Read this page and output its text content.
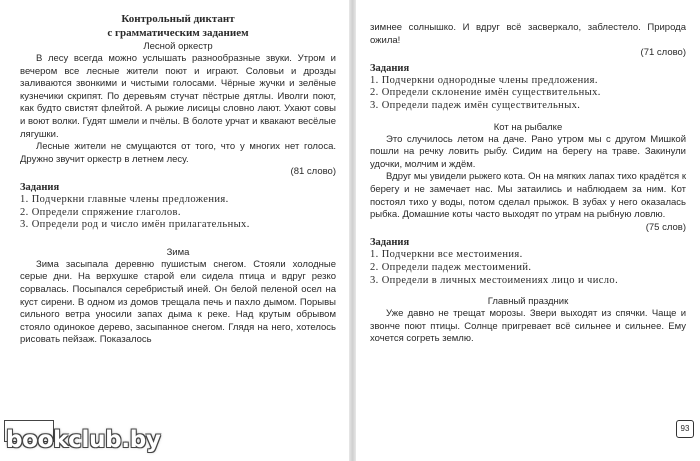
Контрольный диктант

с грамматическим заданием

Лесной оркестр

В лесу всегда можно услышать разнообразные звуки. Утром и вечером все лесные жители поют и играют. Соловьи и дрозды заливаются звонкими и чистыми голосами. Чёрные жучки и зелёные кузнечики скрипят. По деревьям стучат пёстрые дятлы. Иволги поют, как будто свистят флейтой. А рыжие лисицы словно лают. Ухают совы и воют волки. Гудят шмели и пчёлы. В болоте урчат и квакают весёлые лягушки.

Лесные жители не смущаются от того, что у многих нет голоса. Дружно звучит оркестр в летнем лесу.

(81 слово)

Задания

1. Подчеркни главные члены предложения.

2. Определи спряжение глаголов.

3. Определи род и число имён прилагательных.

Зима

Зима засыпала деревню пушистым снегом. Стояли холодные серые дни. На верхушке старой ели сидела птица и вдруг резко сорвалась. Посыпался серебристый иней. Он белой пеленой осел на куст сирени. В одном из домов трещала печь и пахло дымом. Порывы сильного ветра уносили запах дыма к реке. Над крутым обрывом стояло одинокое дерево, засыпанное снегом. Глядя на него, хотелось рисовать пейзаж. Показалось

зимнее солнышко. И вдруг всё засверкало, заблестело. Природа ожила!

(71 слово)

Задания

1. Подчеркни однородные члены предложения.

2. Определи склонение имён существительных.

3. Определи падеж имён существительных.

Кот на рыбалке

Это случилось летом на даче. Рано утром мы с другом Мишкой пошли на речку ловить рыбу. Сидим на берегу на траве. Закинули удочки, молчим и ждём.

Вдруг мы увидели рыжего кота. Он на мягких лапах тихо крадётся к берегу и не замечает нас. Мы затаились и наблюдаем за ним. Кот постоял тихо у воды, потом сделал прыжок. В зубах у него оказалась рыбка. Домашние коты часто выходят по утрам на рыбную ловлю.

(75 слов)

Задания

1. Подчеркни все местоимения.

2. Определи падеж местоимений.

3. Определи в личных местоимениях лицо и число.

Главный праздник

Уже давно не трещат морозы. Звери выходят из спячки. Чаще и звонче поют птицы. Солнце пригревает всё сильнее и сильнее. Ему хочется согреть землю.

bookclub.by	93
